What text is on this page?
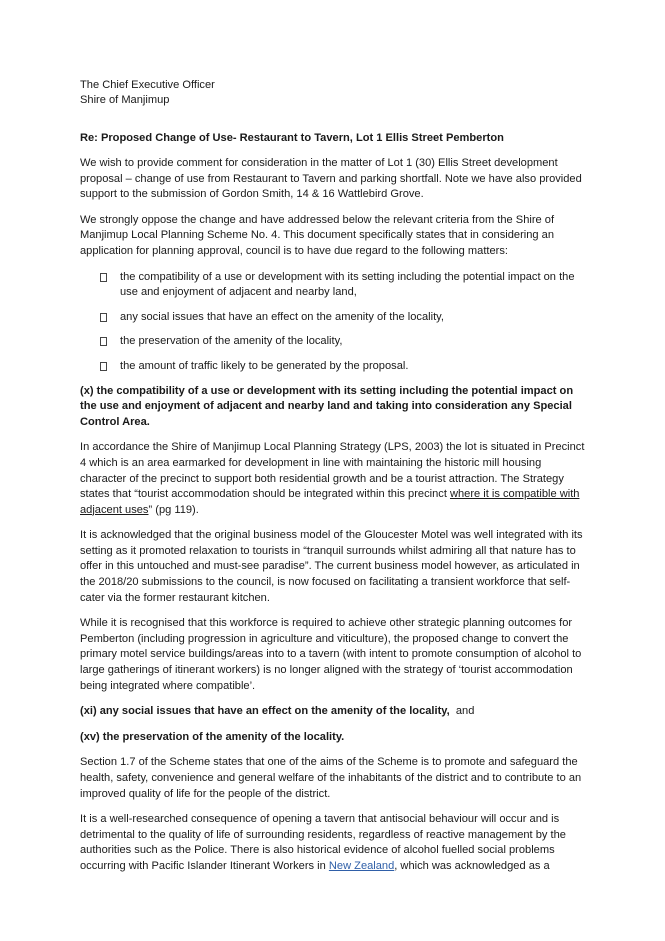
The Chief Executive Officer
Shire of Manjimup

Re: Proposed Change of Use- Restaurant to Tavern, Lot 1 Ellis Street Pemberton

We wish to provide comment for consideration in the matter of Lot 1 (30) Ellis Street development proposal – change of use from Restaurant to Tavern and parking shortfall. Note we have also provided support to the submission of Gordon Smith, 14 & 16 Wattlebird Grove.

We strongly oppose the change and have addressed below the relevant criteria from the Shire of Manjimup Local Planning Scheme No. 4. This document specifically states that in considering an application for planning approval, council is to have due regard to the following matters:

the compatibility of a use or development with its setting including the potential impact on the use and enjoyment of adjacent and nearby land,
any social issues that have an effect on the amenity of the locality,
the preservation of the amenity of the locality,
the amount of traffic likely to be generated by the proposal.

(x) the compatibility of a use or development with its setting including the potential impact on the use and enjoyment of adjacent and nearby land and taking into consideration any Special Control Area.

In accordance the Shire of Manjimup Local Planning Strategy (LPS, 2003) the lot is situated in Precinct 4 which is an area earmarked for development in line with maintaining the historic mill housing character of the precinct to support both residential growth and be a tourist attraction. The Strategy states that “tourist accommodation should be integrated within this precinct where it is compatible with adjacent uses” (pg 119).

It is acknowledged that the original business model of the Gloucester Motel was well integrated with its setting as it promoted relaxation to tourists in “tranquil surrounds whilst admiring all that nature has to offer in this untouched and must-see paradise”. The current business model however, as articulated in the 2018/20 submissions to the council, is now focused on facilitating a transient workforce that self-cater via the former restaurant kitchen.

While it is recognised that this workforce is required to achieve other strategic planning outcomes for Pemberton (including progression in agriculture and viticulture), the proposed change to convert the primary motel service buildings/areas into to a tavern (with intent to promote consumption of alcohol to large gatherings of itinerant workers) is no longer aligned with the strategy of ‘tourist accommodation being integrated where compatible’.

(xi) any social issues that have an effect on the amenity of the locality,  and

(xv) the preservation of the amenity of the locality.

Section 1.7 of the Scheme states that one of the aims of the Scheme is to promote and safeguard the health, safety, convenience and general welfare of the inhabitants of the district and to contribute to an improved quality of life for the people of the district.

It is a well-researched consequence of opening a tavern that antisocial behaviour will occur and is detrimental to the quality of life of surrounding residents, regardless of reactive management by the authorities such as the Police. There is also historical evidence of alcohol fuelled social problems occurring with Pacific Islander Itinerant Workers in New Zealand, which was acknowledged as a
